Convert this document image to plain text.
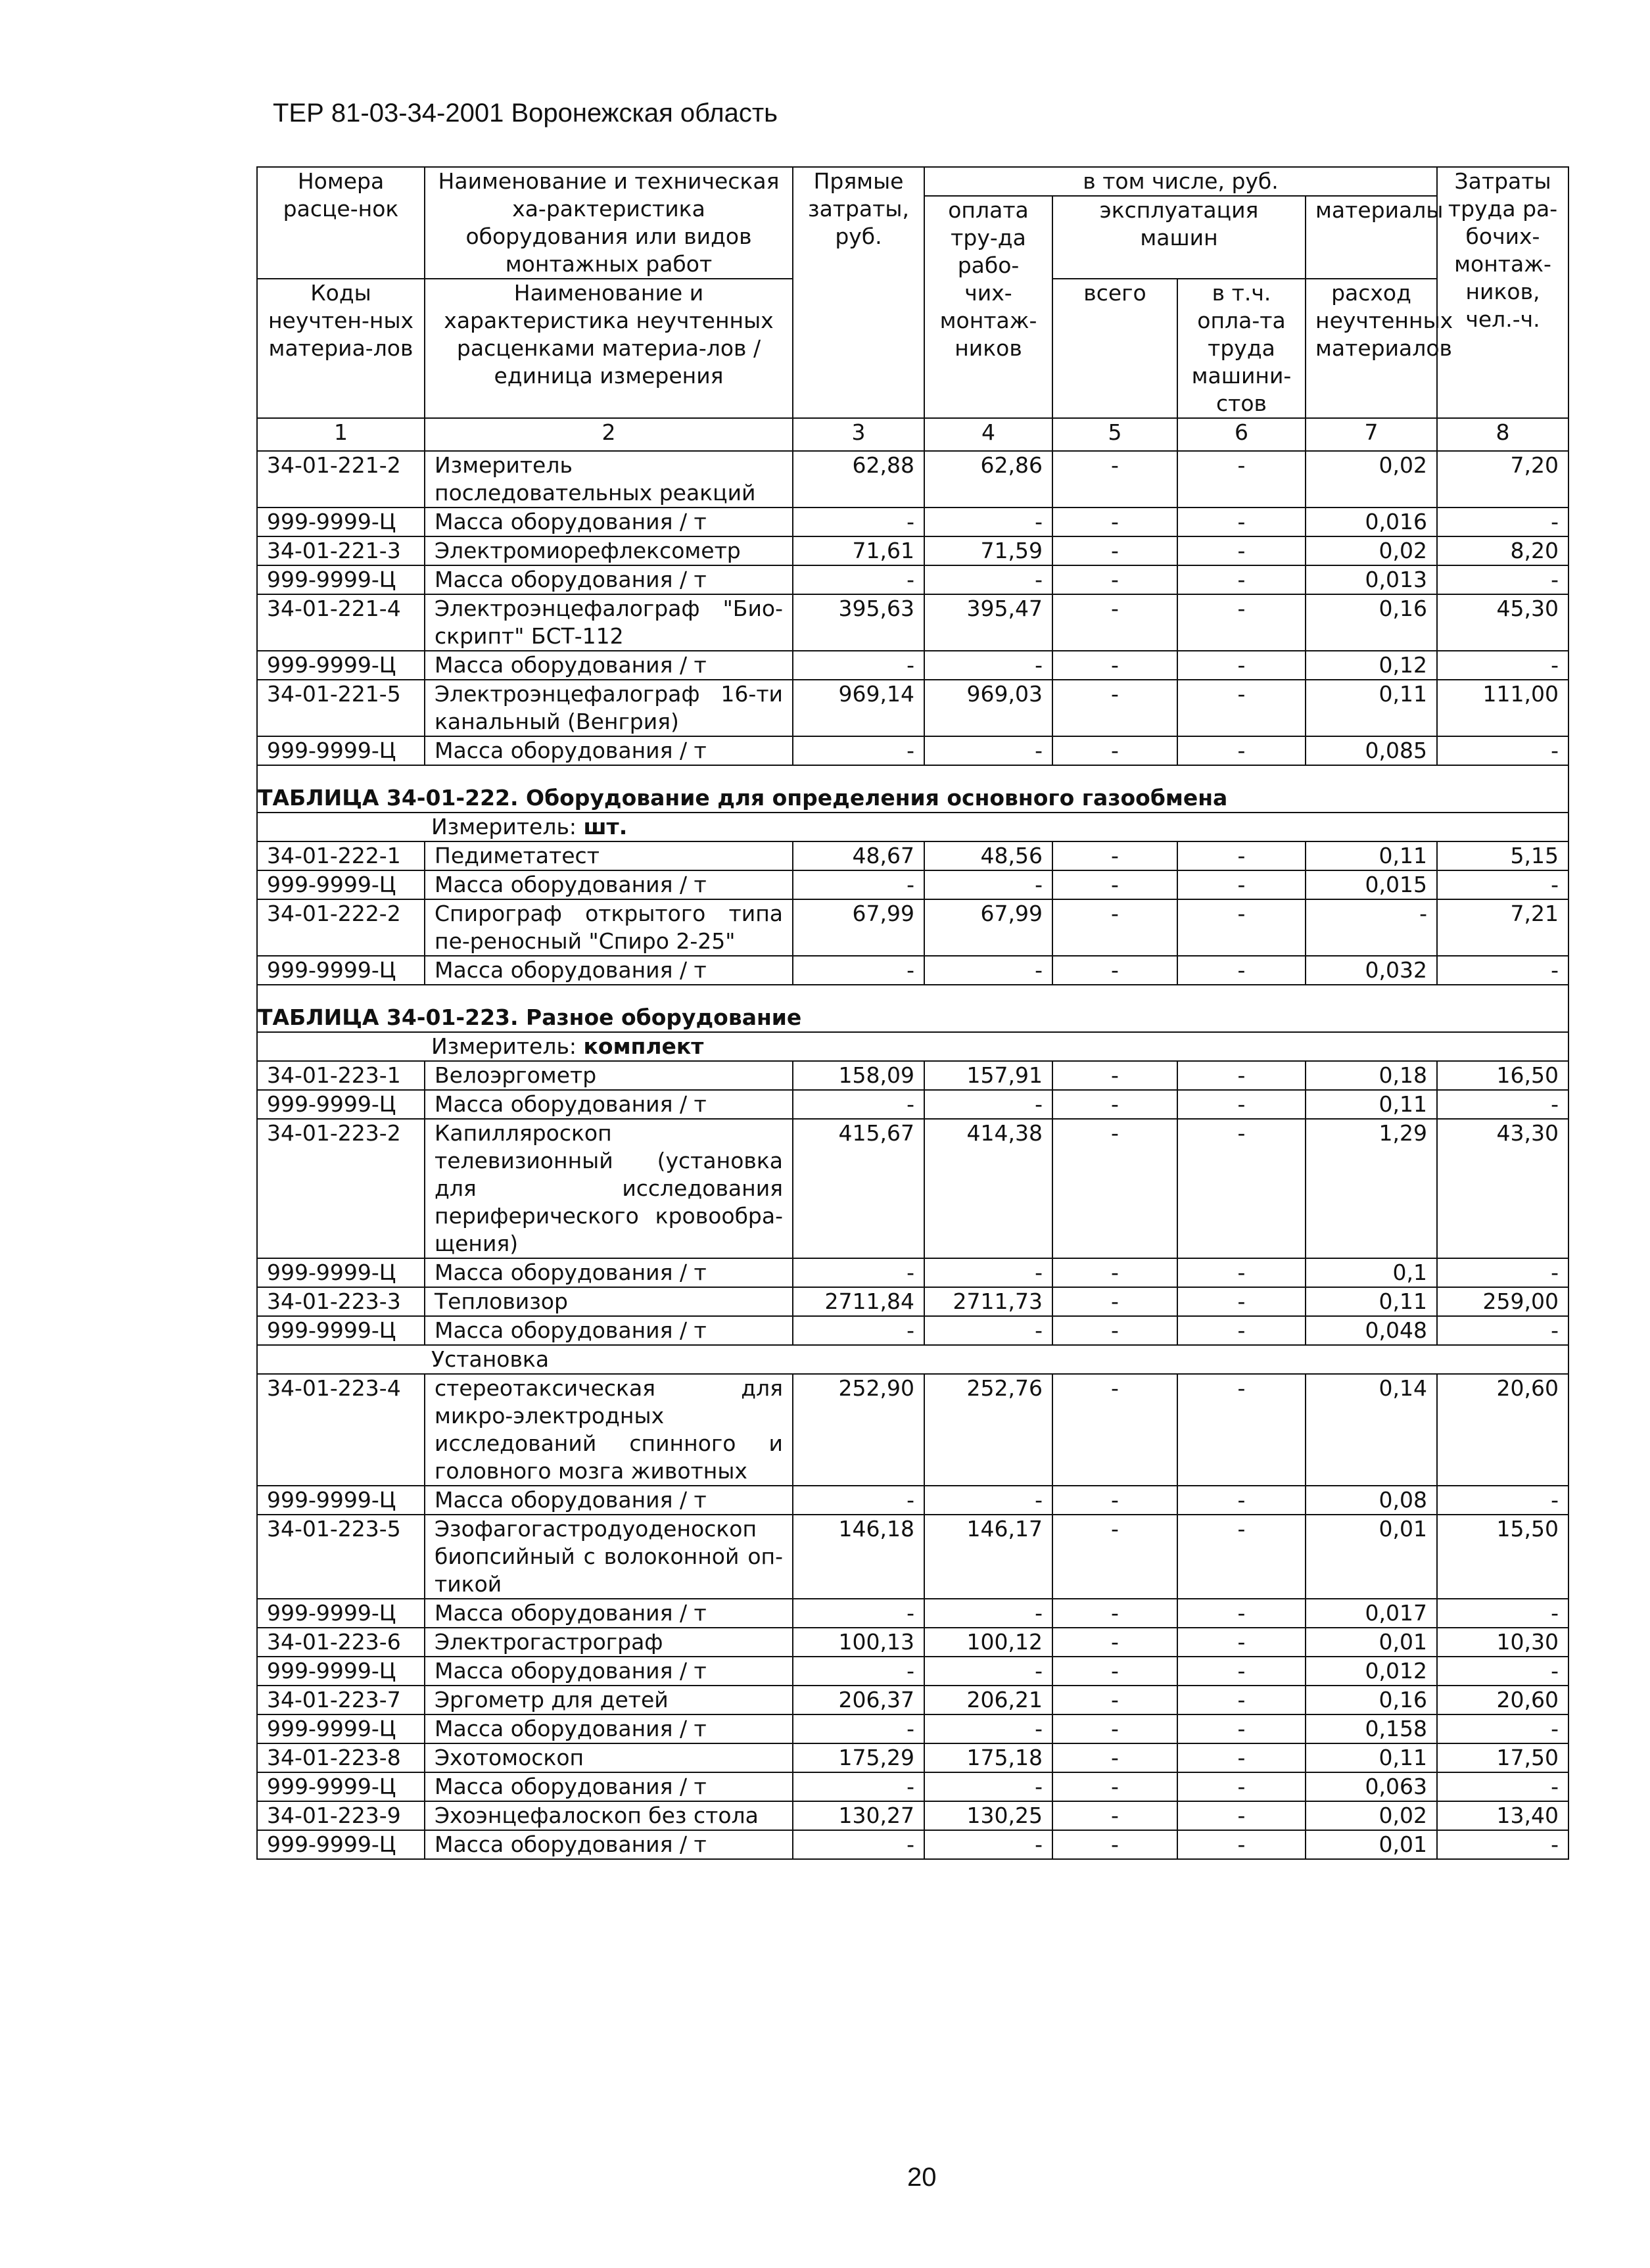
ТЕР 81-03-34-2001 Воронежская область
Номера расце-нок	Наименование и техническая ха-рактеристика оборудования или видов монтажных работ	Прямые затраты, руб.	в том числе, руб.				Затраты труда ра-бочих-монтаж-ников, чел.-ч.
			оплата тру-да рабо-чих-монтаж-ников	эксплуатация машин		материалы	
Коды неучтен-ных материа-лов	Наименование и характеристика неучтенных расценками материа-лов / единица измерения			всего	в т.ч. опла-та труда машини-стов	расход неучтенных материалов	

1	2	3	4	5	6	7	8
34-01-221-2	Измеритель последовательных реакций	62,88	62,86	-	-	0,02	7,20
999-9999-Ц	Масса оборудования / т	-	-	-	-	0,016	-
34-01-221-3	Электромиорефлексометр	71,61	71,59	-	-	0,02	8,20
999-9999-Ц	Масса оборудования / т	-	-	-	-	0,013	-
34-01-221-4	Электроэнцефалограф "Био-скрипт" БСТ-112	395,63	395,47	-	-	0,16	45,30
999-9999-Ц	Масса оборудования / т	-	-	-	-	0,12	-
34-01-221-5	Электроэнцефалограф 16-ти канальный (Венгрия)	969,14	969,03	-	-	0,11	111,00
999-9999-Ц	Масса оборудования / т	-	-	-	-	0,085	-
ТАБЛИЦА 34-01-222. Оборудование для определения основного газообмена							
	Измеритель: шт.						
34-01-222-1	Педиметатест	48,67	48,56	-	-	0,11	5,15
999-9999-Ц	Масса оборудования / т	-	-	-	-	0,015	-
34-01-222-2	Спирограф открытого типа пе-реносный "Спиро 2-25"	67,99	67,99	-	-	-	7,21
999-9999-Ц	Масса оборудования / т	-	-	-	-	0,032	-
ТАБЛИЦА 34-01-223. Разное оборудование							
	Измеритель: комплект						
34-01-223-1	Велоэргометр	158,09	157,91	-	-	0,18	16,50
999-9999-Ц	Масса оборудования / т	-	-	-	-	0,11	-
34-01-223-2	Капилляроскоп телевизионный (установка для исследования периферического кровообра-щения)	415,67	414,38	-	-	1,29	43,30
999-9999-Ц	Масса оборудования / т	-	-	-	-	0,1	-
34-01-223-3	Тепловизор	2711,84	2711,73	-	-	0,11	259,00
999-9999-Ц	Масса оборудования / т	-	-	-	-	0,048	-
	Установка						
34-01-223-4	стереотаксическая для микро-электродных исследований спинного и головного мозга животных	252,90	252,76	-	-	0,14	20,60
999-9999-Ц	Масса оборудования / т	-	-	-	-	0,08	-
34-01-223-5	Эзофагогастродуоденоскоп биопсийный с волоконной оп-тикой	146,18	146,17	-	-	0,01	15,50
999-9999-Ц	Масса оборудования / т	-	-	-	-	0,017	-
34-01-223-6	Электрогастрограф	100,13	100,12	-	-	0,01	10,30
999-9999-Ц	Масса оборудования / т	-	-	-	-	0,012	-
34-01-223-7	Эргометр для детей	206,37	206,21	-	-	0,16	20,60
999-9999-Ц	Масса оборудования / т	-	-	-	-	0,158	-
34-01-223-8	Эхотомоскоп	175,29	175,18	-	-	0,11	17,50
999-9999-Ц	Масса оборудования / т	-	-	-	-	0,063	-
34-01-223-9	Эхоэнцефалоскоп без стола	130,27	130,25	-	-	0,02	13,40
999-9999-Ц	Масса оборудования / т	-	-	-	-	0,01	-
20
